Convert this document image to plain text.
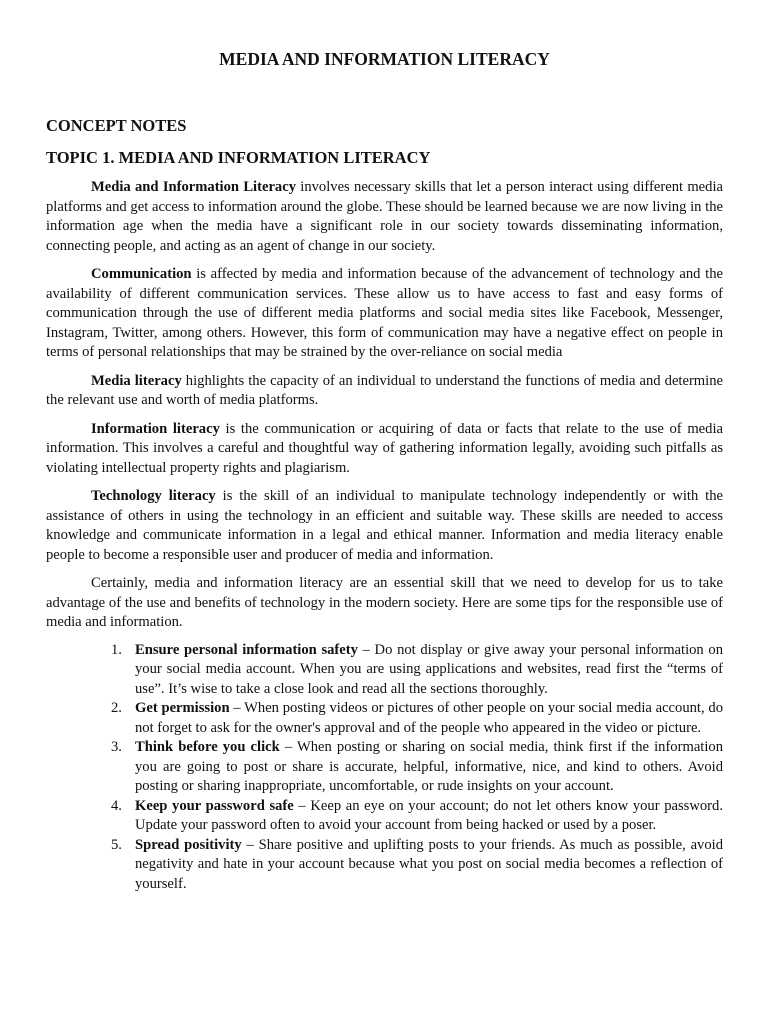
MEDIA AND INFORMATION LITERACY
CONCEPT NOTES
TOPIC 1. MEDIA AND INFORMATION LITERACY

Media and Information Literacy involves necessary skills that let a person interact using different media platforms and get access to information around the globe. These should be learned because we are now living in the information age when the media have a significant role in our society towards disseminating information, connecting people, and acting as an agent of change in our society.

Communication is affected by media and information because of the advancement of technology and the availability of different communication services. These allow us to have access to fast and easy forms of communication through the use of different media platforms and social media sites like Facebook, Messenger, Instagram, Twitter, among others. However, this form of communication may have a negative effect on people in terms of personal relationships that may be strained by the over-reliance on social media

Media literacy highlights the capacity of an individual to understand the functions of media and determine the relevant use and worth of media platforms.

Information literacy is the communication or acquiring of data or facts that relate to the use of media information. This involves a careful and thoughtful way of gathering information legally, avoiding such pitfalls as violating intellectual property rights and plagiarism.

Technology literacy is the skill of an individual to manipulate technology independently or with the assistance of others in using the technology in an efficient and suitable way. These skills are needed to access knowledge and communicate information in a legal and ethical manner. Information and media literacy enable people to become a responsible user and producer of media and information.

Certainly, media and information literacy are an essential skill that we need to develop for us to take advantage of the use and benefits of technology in the modern society. Here are some tips for the responsible use of media and information.

1. Ensure personal information safety – Do not display or give away your personal information on your social media account. When you are using applications and websites, read first the “terms of use”. It’s wise to take a close look and read all the sections thoroughly.
2. Get permission – When posting videos or pictures of other people on your social media account, do not forget to ask for the owner's approval and of the people who appeared in the video or picture.
3. Think before you click – When posting or sharing on social media, think first if the information you are going to post or share is accurate, helpful, informative, nice, and kind to others. Avoid posting or sharing inappropriate, uncomfortable, or rude insights on your account.
4. Keep your password safe – Keep an eye on your account; do not let others know your password. Update your password often to avoid your account from being hacked or used by a poser.
5. Spread positivity – Share positive and uplifting posts to your friends. As much as possible, avoid negativity and hate in your account because what you post on social media becomes a reflection of yourself.
